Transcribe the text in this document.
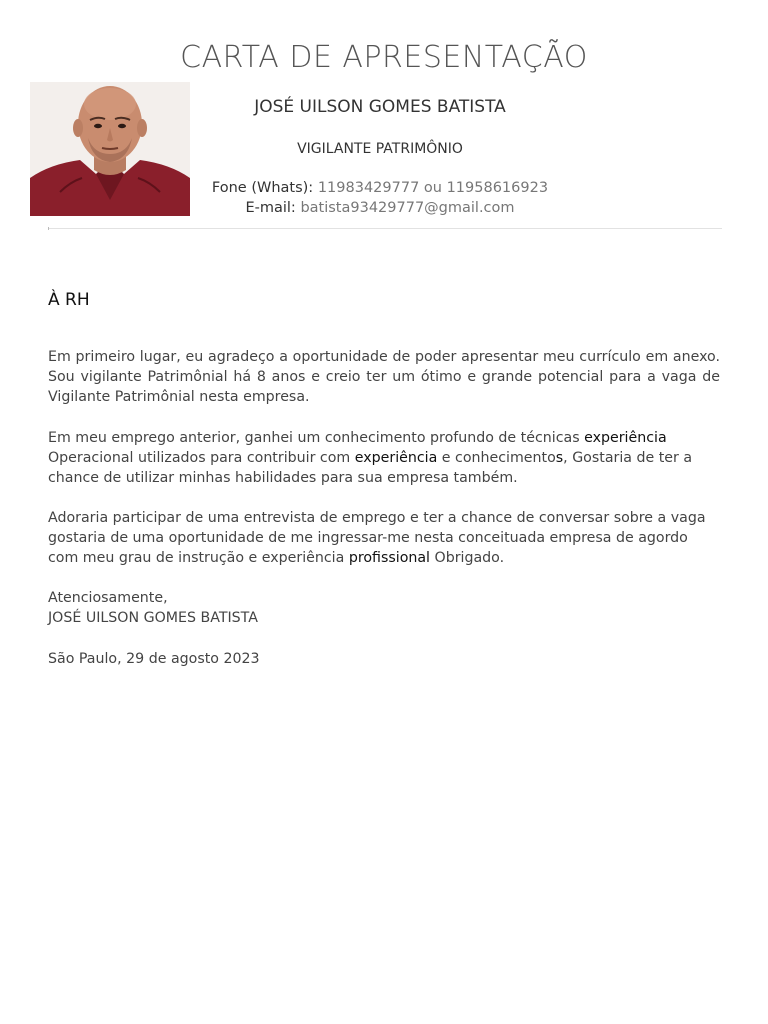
CARTA DE APRESENTAÇÃO
JOSÉ UILSON GOMES BATISTA
VIGILANTE PATRIMÔNIO
Fone (Whats): 11983429777 ou 11958616923
E-mail: batista93429777@gmail.com
À RH

Em primeiro lugar, eu agradeço a oportunidade de poder apresentar meu currículo em anexo. Sou vigilante Patrimônial há 8 anos e creio ter um ótimo e grande potencial para a vaga de Vigilante Patrimônial nesta empresa.

Em meu emprego anterior, ganhei um conhecimento profundo de técnicas experiência Operacional utilizados para contribuir com experiência e conhecimentos, Gostaria de ter a chance de utilizar minhas habilidades para sua empresa também.

Adoraria participar de uma entrevista de emprego e ter a chance de conversar sobre a vaga gostaria de uma oportunidade de me ingressar-me nesta conceituada empresa de agordo com meu grau de instrução e experiência profissional Obrigado.

Atenciosamente,
JOSÉ UILSON GOMES BATISTA
São Paulo, 29 de agosto 2023
